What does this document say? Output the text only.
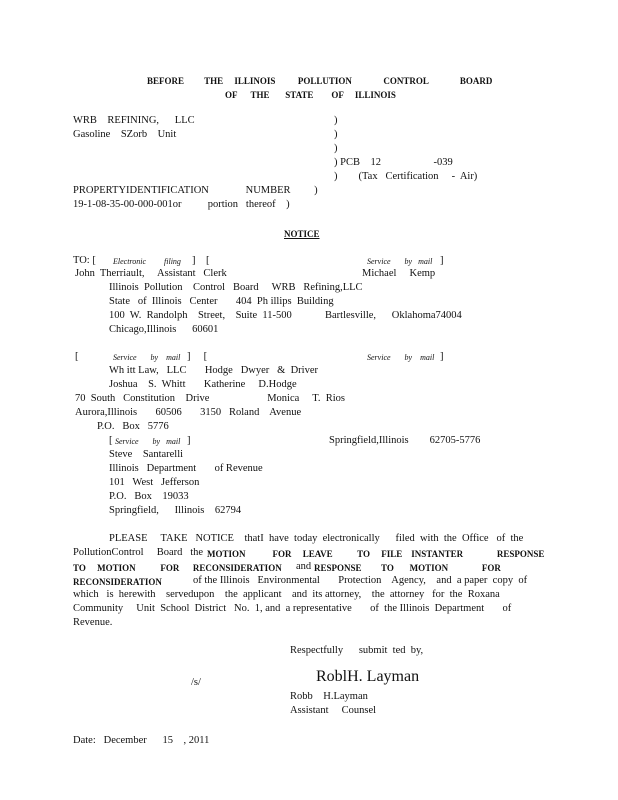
BEFORE         THE     ILLINOIS          POLLUTION              CONTROL              BOARD
OF      THE       STATE        OF     ILLINOIS
WRB    REFINING,      LLC
Gasoline    SZorb    Unit
)
)
)
) PCB    12                    -039
)        (Tax   Certification     -  Air)
PROPERTYIDENTIFICATION              NUMBER         )
19-1-08-35-00-000-001or          portion   thereof    )
NOTICE
TO: [ Electronic         filing ]    [	Service       by   mail ]
John  Therriault,     Assistant   Clerk	Michael     Kemp
Illinois  Pollution    Control   Board     WRB   Refining,LLC
State   of  Illinois   Center       404  Ph illips  Building
100  W.  Randolph    Street,    Suite  11-500	Bartlesville,      Oklahoma74004
Chicago,Illinois      60601
[	Service       by    mail ]     [	Service       by    mail ]
Wh itt Law,   LLC       Hodge   Dwyer   &  Driver
Joshua    S.  Whitt       Katherine     D.Hodge
70  South   Constitution    Drive                      Monica     T.  Rios
Aurora,Illinois       60506       3150   Roland    Avenue
P.O.   Box   5776
[ Service       by   mail ]	Springfield,Illinois        62705-5776
Steve    Santarelli
Illinois   Department       of Revenue
101   West   Jefferson
P.O.   Box    19033
Springfield,      Illinois    62794
PLEASE     TAKE   NOTICE    thatI  have  today  electronically      filed  with  the  Office   of  the
PollutionControl     Board   the MOTION            FOR     LEAVE           TO     FILE    INSTANTER               RESPONSE
TO     MOTION           FOR      RECONSIDERATION and RESPONSE TO       MOTION               FOR
RECONSIDERATION	of the Illinois   Environmental       Protection    Agency,    and  a paper  copy  of
which   is  herewith    servedupon    the  applicant    and  its attorney,    the  attorney   for  the  Roxana
Community     Unit  School  District   No.  1, and  a representative       of  the Illinois  Department       of
Revenue.
Respectfully      submit  ted  by,
/s/	RoblH. Layman
Robb    H.Layman
Assistant     Counsel
Date:   December      15    , 2011
